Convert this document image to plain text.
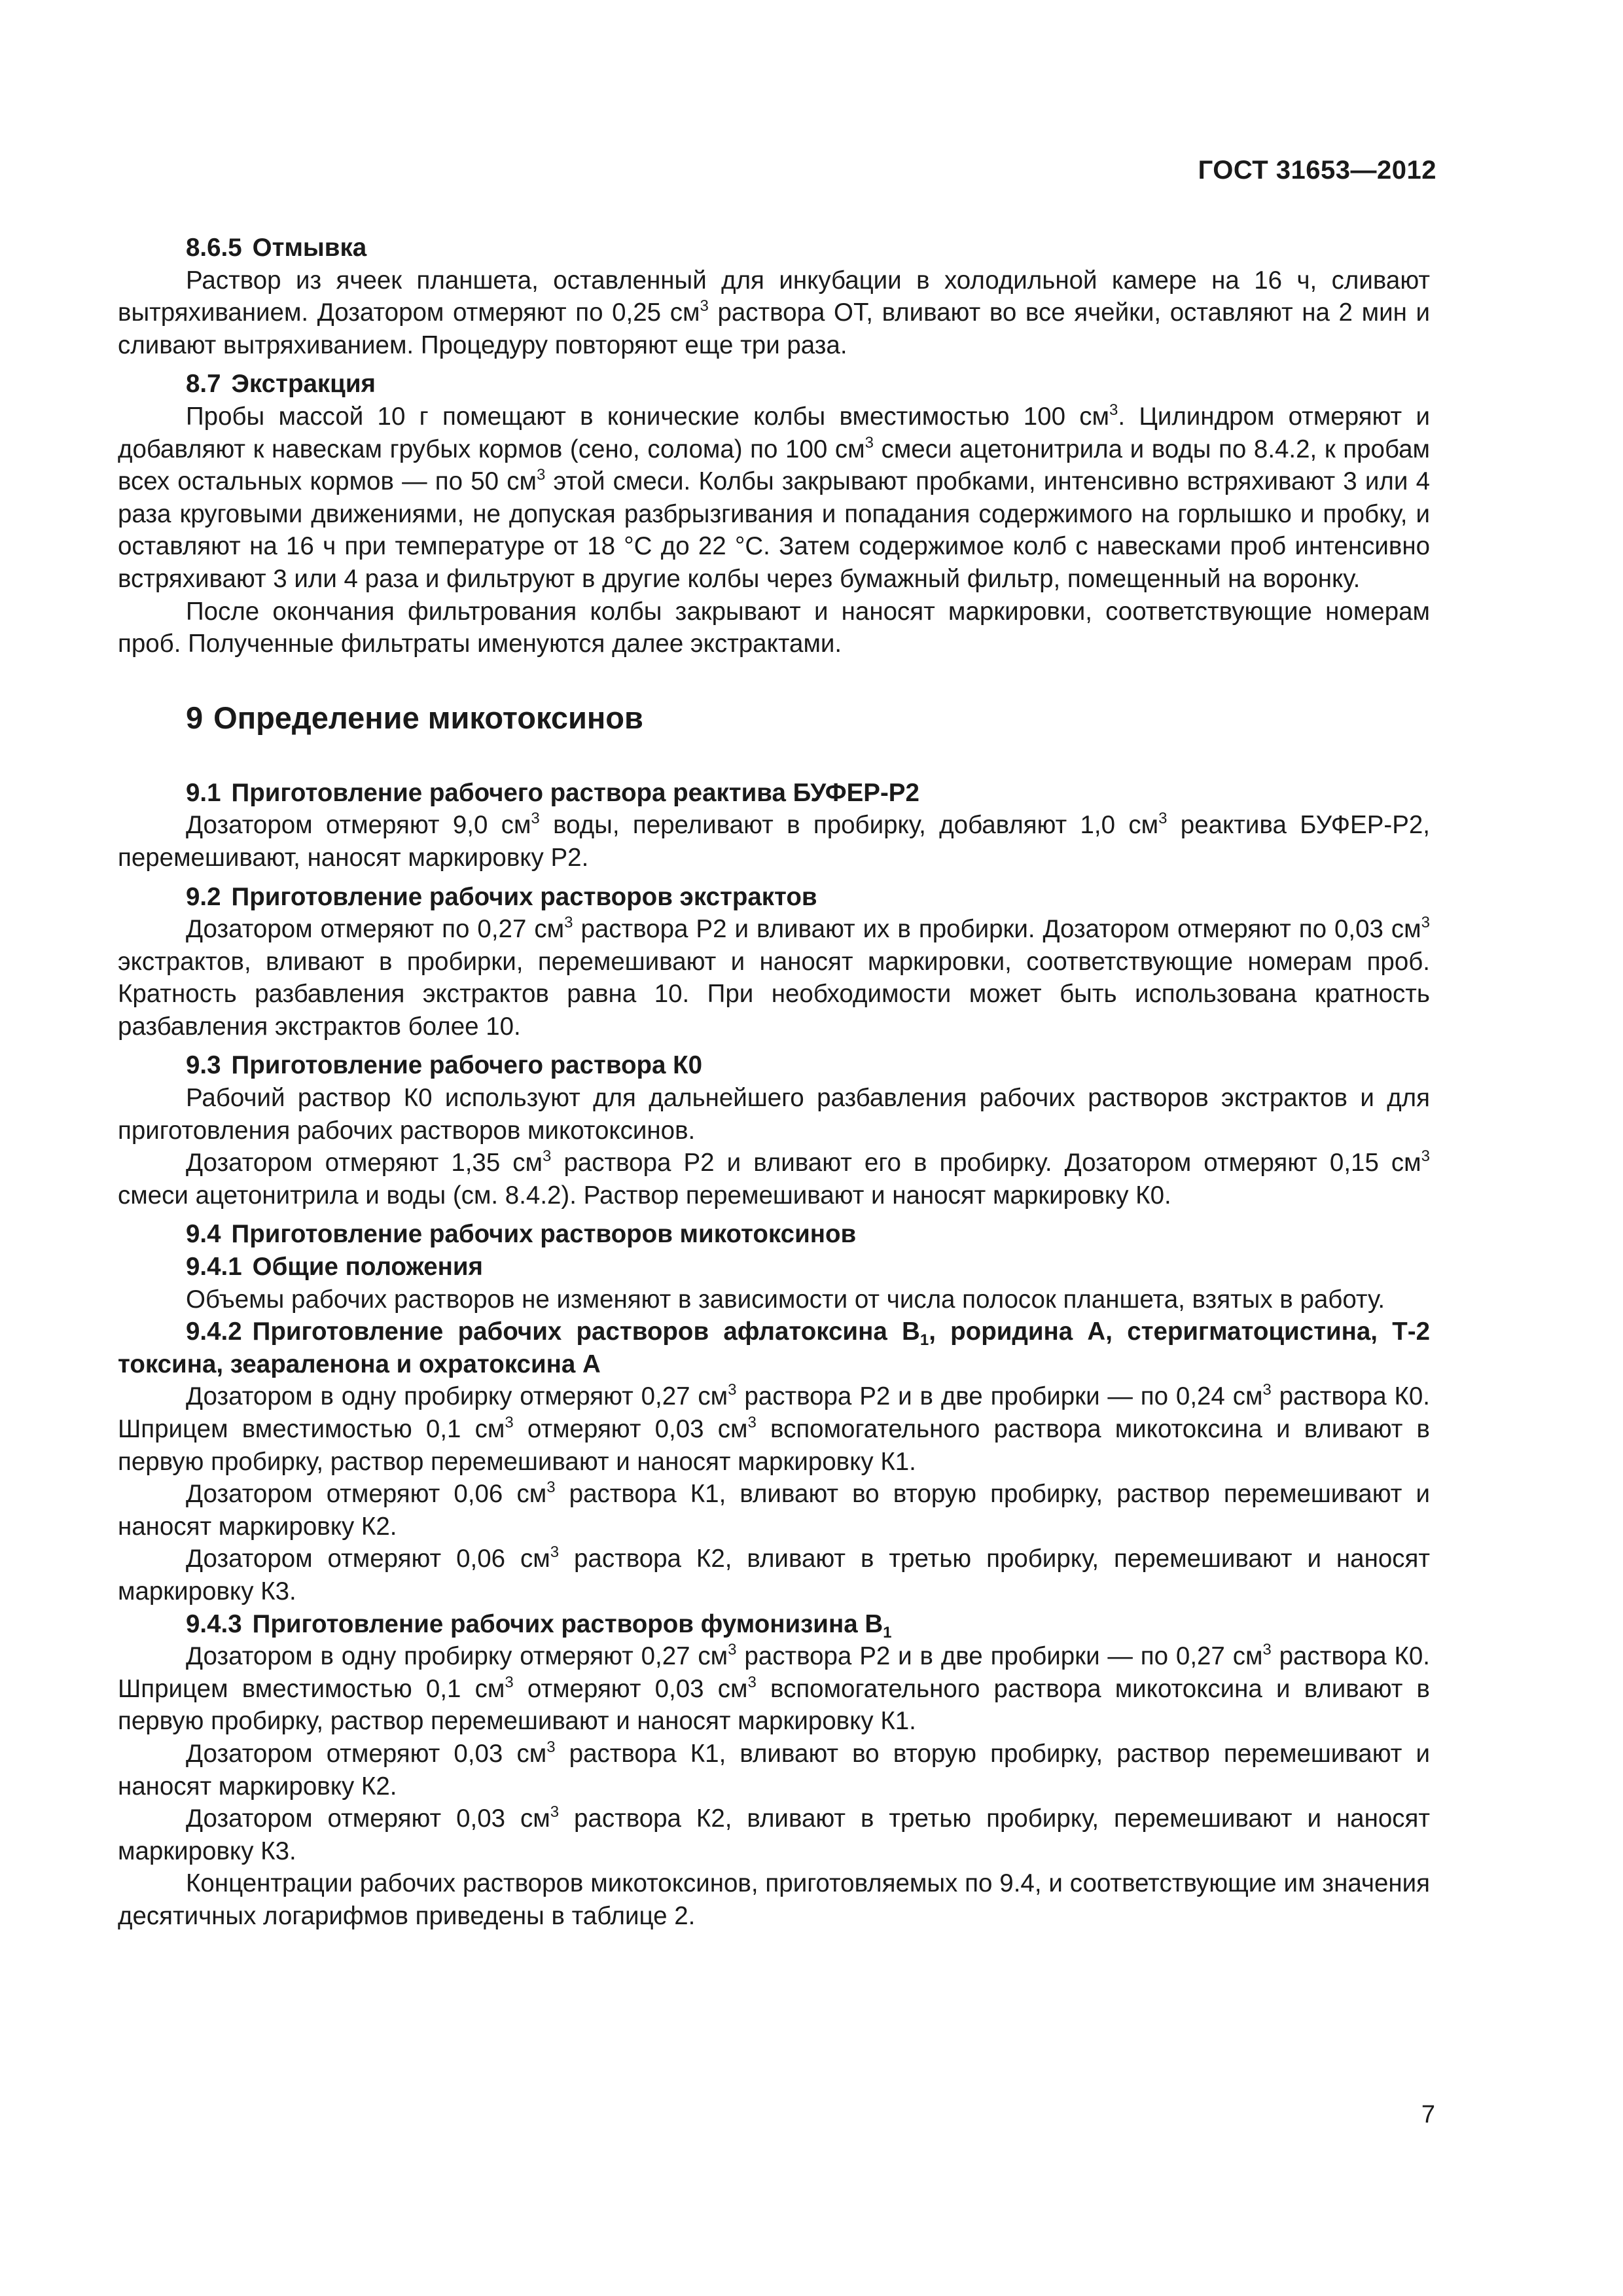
ГОСТ 31653—2012
8.6.5 Отмывка

Раствор из ячеек планшета, оставленный для инкубации в холодильной камере на 16 ч, сливают вытряхиванием. Дозатором отмеряют по 0,25 $см^3$ раствора ОТ, вливают во все ячейки, оставляют на 2 мин и сливают вытряхиванием. Процедуру повторяют еще три раза.

8.7 Экстракция

Пробы массой 10 г помещают в конические колбы вместимостью 100 $см^3$. Цилиндром отмеряют и добавляют к навескам грубых кормов (сено, солома) по 100 $см^3$ смеси ацетонитрила и воды по 8.4.2, к пробам всех остальных кормов — по 50 $см^3$ этой смеси. Колбы закрывают пробками, интенсивно встряхивают 3 или 4 раза круговыми движениями, не допуская разбрызгивания и попадания содержимого на горлышко и пробку, и оставляют на 16 ч при температуре от 18 °С до 22 °С. Затем содержимое колб с навесками проб интенсивно встряхивают 3 или 4 раза и фильтруют в другие колбы через бумажный фильтр, помещенный на воронку.

После окончания фильтрования колбы закрывают и наносят маркировки, соответствующие номерам проб. Полученные фильтраты именуются далее экстрактами.

9 Определение микотоксинов
9.1 Приготовление рабочего раствора реактива БУФЕР-Р2

Дозатором отмеряют 9,0 $см^3$ воды, переливают в пробирку, добавляют 1,0 $см^3$ реактива БУФЕР-Р2, перемешивают, наносят маркировку Р2.

9.2 Приготовление рабочих растворов экстрактов

Дозатором отмеряют по 0,27 $см^3$ раствора Р2 и вливают их в пробирки. Дозатором отмеряют по 0,03 $см^3$ экстрактов, вливают в пробирки, перемешивают и наносят маркировки, соответствующие номерам проб. Кратность разбавления экстрактов равна 10. При необходимости может быть использована кратность разбавления экстрактов более 10.

9.3 Приготовление рабочего раствора К0

Рабочий раствор К0 используют для дальнейшего разбавления рабочих растворов экстрактов и для приготовления рабочих растворов микотоксинов.

Дозатором отмеряют 1,35 $см^3$ раствора Р2 и вливают его в пробирку. Дозатором отмеряют 0,15 $см^3$ смеси ацетонитрила и воды (см. 8.4.2). Раствор перемешивают и наносят маркировку К0.

9.4 Приготовление рабочих растворов микотоксинов
9.4.1 Общие положения

Объемы рабочих растворов не изменяют в зависимости от числа полосок планшета, взятых в работу.

9.4.2 Приготовление рабочих растворов афлатоксина $В_1$, роридина А, стеригматоцистина, Т-2 токсина, зеараленона и охратоксина А

Дозатором в одну пробирку отмеряют 0,27 $см^3$ раствора Р2 и в две пробирки — по 0,24 $см^3$ раствора К0. Шприцем вместимостью 0,1 $см^3$ отмеряют 0,03 $см^3$ вспомогательного раствора микотоксина и вливают в первую пробирку, раствор перемешивают и наносят маркировку К1.

Дозатором отмеряют 0,06 $см^3$ раствора К1, вливают во вторую пробирку, раствор перемешивают и наносят маркировку К2.

Дозатором отмеряют 0,06 $см^3$ раствора К2, вливают в третью пробирку, перемешивают и наносят маркировку К3.

9.4.3 Приготовление рабочих растворов фумонизина $В_1$

Дозатором в одну пробирку отмеряют 0,27 $см^3$ раствора Р2 и в две пробирки — по 0,27 $см^3$ раствора К0. Шприцем вместимостью 0,1 $см^3$ отмеряют 0,03 $см^3$ вспомогательного раствора микотоксина и вливают в первую пробирку, раствор перемешивают и наносят маркировку К1.

Дозатором отмеряют 0,03 $см^3$ раствора К1, вливают во вторую пробирку, раствор перемешивают и наносят маркировку К2.

Дозатором отмеряют 0,03 $см^3$ раствора К2, вливают в третью пробирку, перемешивают и наносят маркировку К3.

Концентрации рабочих растворов микотоксинов, приготовляемых по 9.4, и соответствующие им значения десятичных логарифмов приведены в таблице 2.

7
